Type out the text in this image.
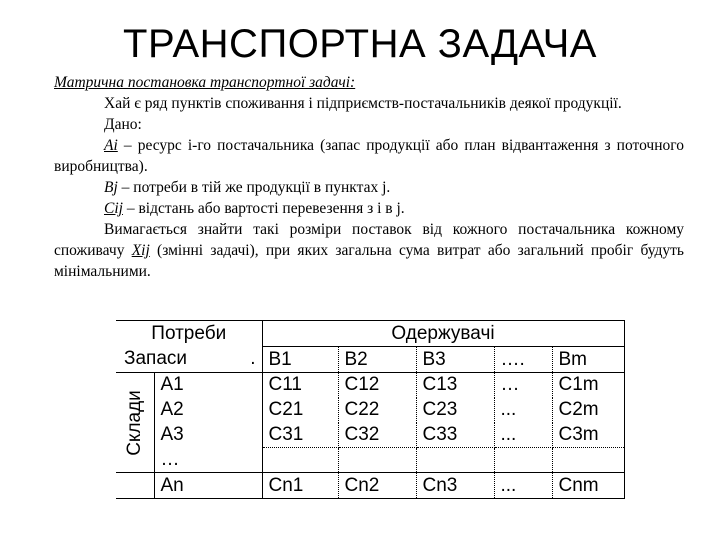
ТРАНСПОРТНА ЗАДАЧА

Матрична постановка транспортної задачі:

Хай є ряд пунктів споживання і підприємств-постачальників деякої продукції.

Дано:

Ai – ресурс i-го постачальника (запас продукції або план відвантаження з поточного виробництва).

Bj – потреби в тій же продукції в пунктах j.

Cij – відстань або вартості перевезення з i в j.

Вимагається знайти такі розміри поставок від кожного постачальника кожному споживачу Xij (змінні задачі), при яких загальна сума витрат або загальний пробіг будуть мінімальними.

Потреби		Одержувачі				
Запаси .		B1	B2	B3	….	Bm

Склади	A1	C11	C12	C13	…	C1m
	A2	C21	C22	C23	...	C2m
	A3	C31	C32	C33	...	C3m
	…					
	An	Cn1	Cn2	Cn3	...	Cnm
